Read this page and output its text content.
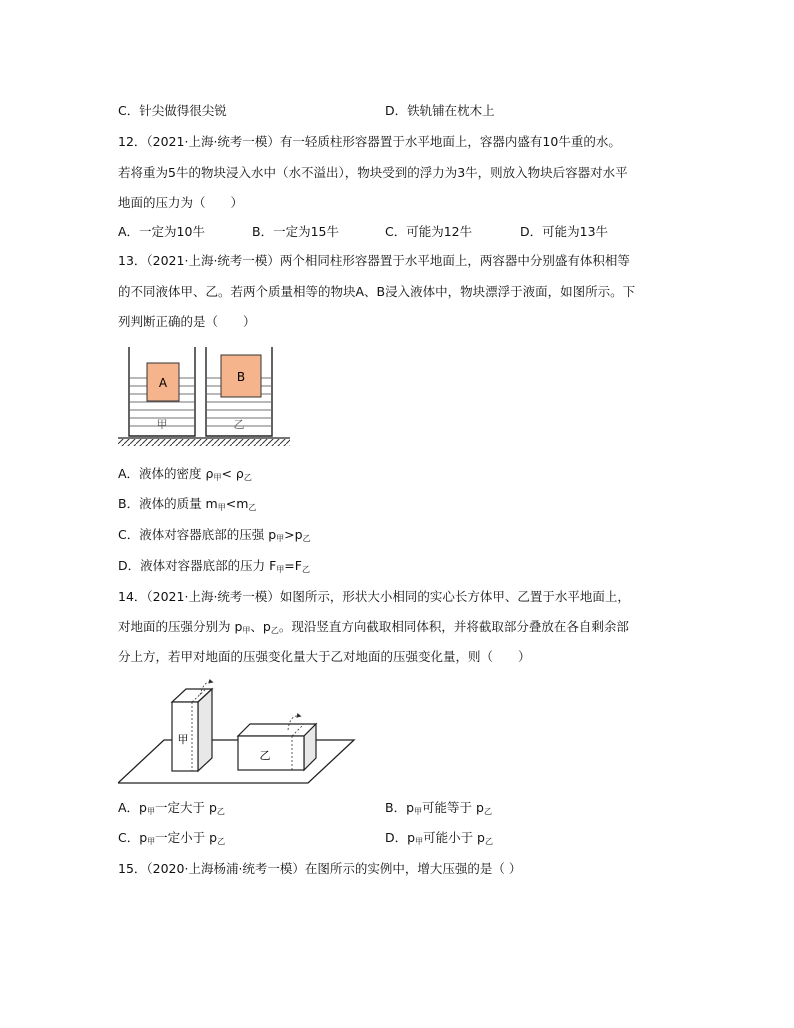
C．针尖做得很尖锐	D．铁轨铺在枕木上
12．（2021·上海·统考一模）有一轻质柱形容器置于水平地面上，容器内盛有10牛重的水。
若将重为5牛的物块浸入水中（水不溢出），物块受到的浮力为3牛，则放入物块后容器对水平
地面的压力为（　　）
A．一定为10牛	B．一定为15牛	C．可能为12牛	D．可能为13牛
13．（2021·上海·统考一模）两个相同柱形容器置于水平地面上，两容器中分别盛有体积相等
的不同液体甲、乙。若两个质量相等的物块A、B浸入液体中，物块漂浮于液面，如图所示。下
列判断正确的是（　　）
A	B
甲	乙
A．液体的密度 $\rho_甲< \rho_乙$
B．液体的质量 $m_甲<m_乙$
C．液体对容器底部的压强 $p_甲>p_乙$
D．液体对容器底部的压力 $F_甲=F_乙$
14．（2021·上海·统考一模）如图所示，形状大小相同的实心长方体甲、乙置于水平地面上，
对地面的压强分别为 $p_甲$、$p_乙$。现沿竖直方向截取相同体积，并将截取部分叠放在各自剩余部
分上方，若甲对地面的压强变化量大于乙对地面的压强变化量，则（　　）
甲
乙
A．$p_甲$一定大于 $p_乙$	B．$p_甲$可能等于 $p_乙$
C．$p_甲$一定小于 $p_乙$	D．$p_甲$可能小于 $p_乙$
15．（2020·上海杨浦·统考一模）在图所示的实例中，增大压强的是（ ）
